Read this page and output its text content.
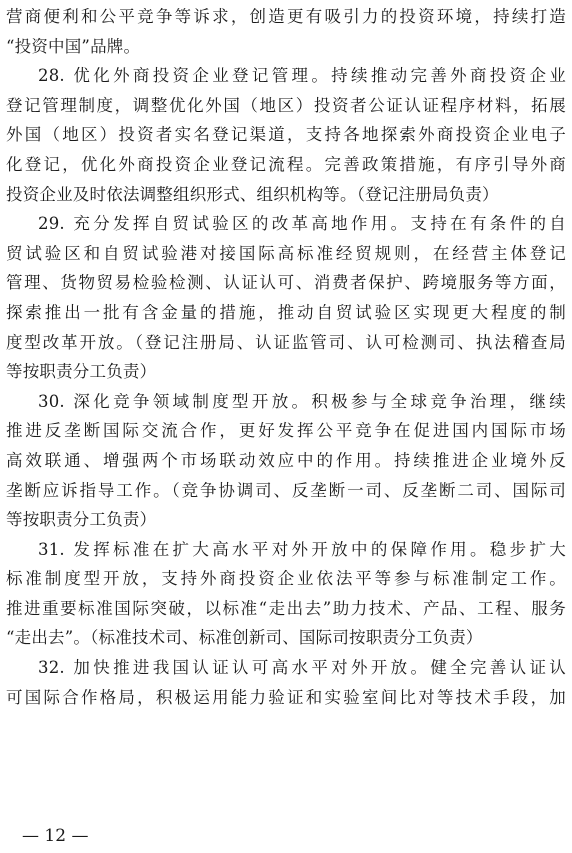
营商便利和公平竞争等诉求，创造更有吸引力的投资环境，持续打造
“投资中国”品牌。
28. 优化外商投资企业登记管理。持续推动完善外商投资企业
登记管理制度，调整优化外国（地区）投资者公证认证程序材料，拓展
外国（地区）投资者实名登记渠道，支持各地探索外商投资企业电子
化登记，优化外商投资企业登记流程。完善政策措施，有序引导外商
投资企业及时依法调整组织形式、组织机构等。（登记注册局负责）
29. 充分发挥自贸试验区的改革高地作用。支持在有条件的自
贸试验区和自贸试验港对接国际高标准经贸规则，在经营主体登记
管理、货物贸易检验检测、认证认可、消费者保护、跨境服务等方面，
探索推出一批有含金量的措施，推动自贸试验区实现更大程度的制
度型改革开放。（登记注册局、认证监管司、认可检测司、执法稽查局
等按职责分工负责）
30. 深化竞争领域制度型开放。积极参与全球竞争治理，继续
推进反垄断国际交流合作，更好发挥公平竞争在促进国内国际市场
高效联通、增强两个市场联动效应中的作用。持续推进企业境外反
垄断应诉指导工作。（竞争协调司、反垄断一司、反垄断二司、国际司
等按职责分工负责）
31. 发挥标准在扩大高水平对外开放中的保障作用。稳步扩大
标准制度型开放，支持外商投资企业依法平等参与标准制定工作。
推进重要标准国际突破，以标准“走出去”助力技术、产品、工程、服务
“走出去”。（标准技术司、标准创新司、国际司按职责分工负责）
32. 加快推进我国认证认可高水平对外开放。健全完善认证认
可国际合作格局，积极运用能力验证和实验室间比对等技术手段，加
— 12 —
